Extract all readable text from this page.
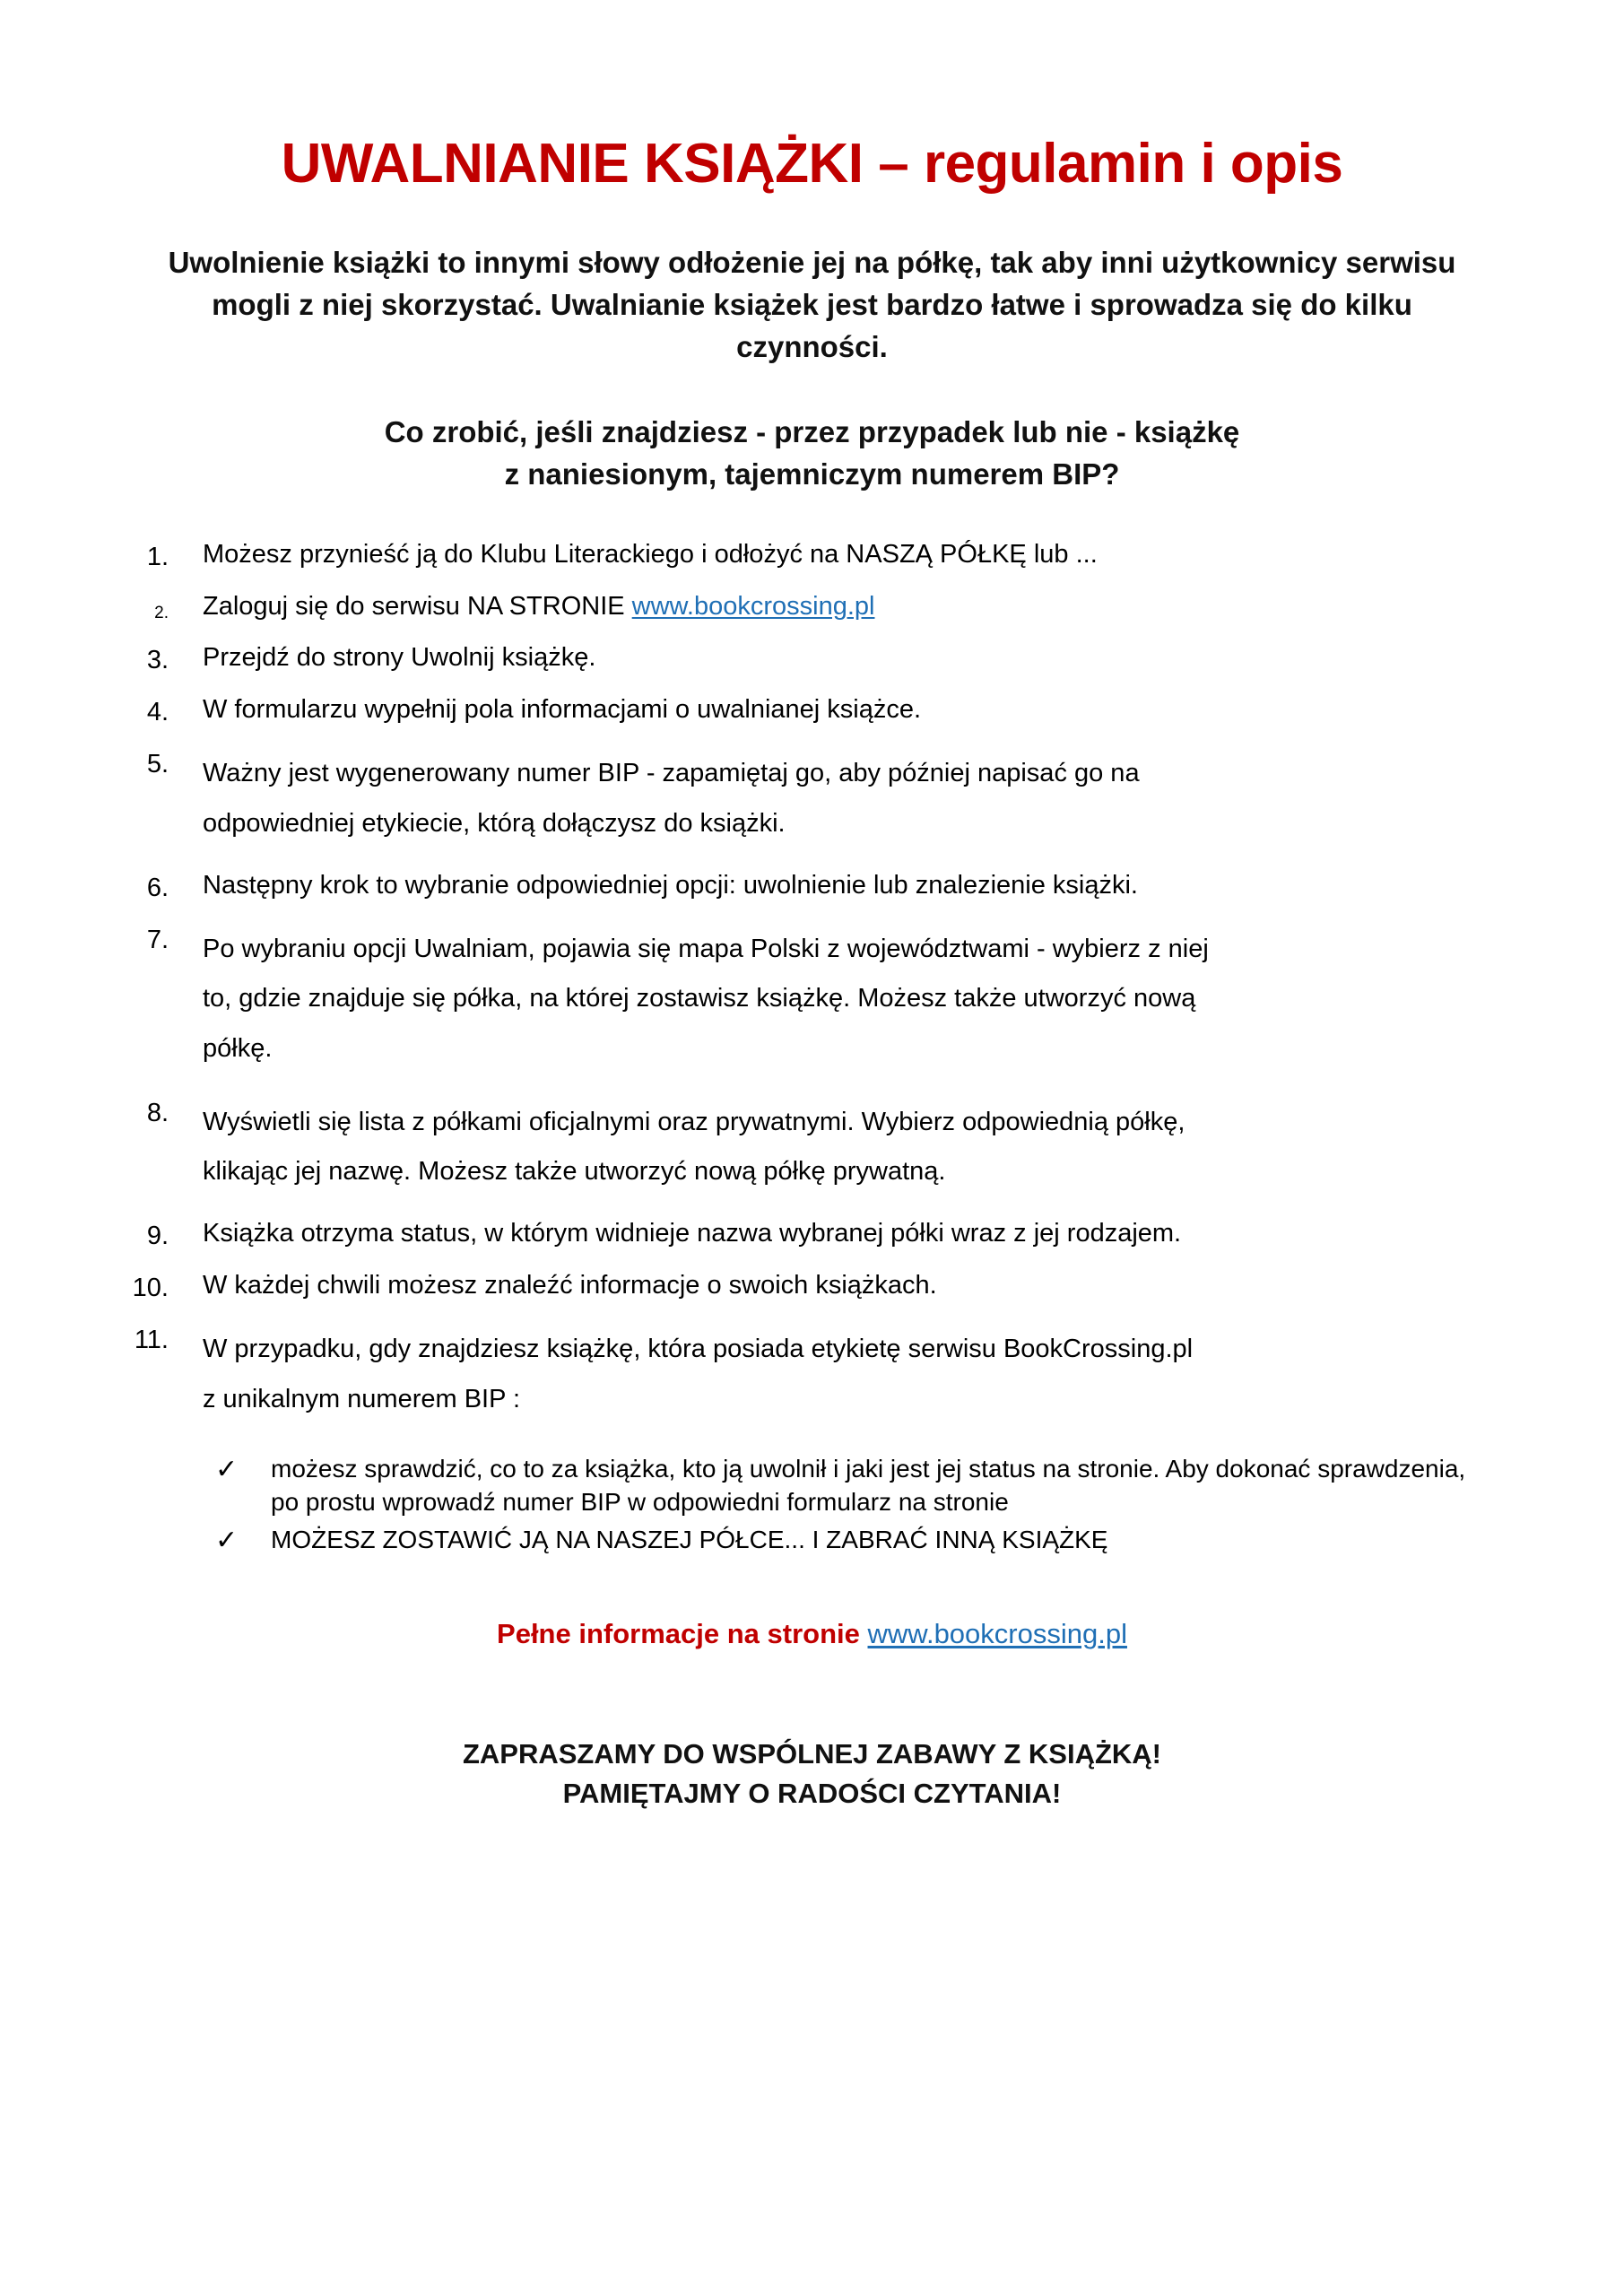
UWALNIANIE KSIĄŻKI – regulamin i opis

Uwolnienie książki to innymi słowy odłożenie jej na półkę, tak aby inni użytkownicy serwisu mogli z niej skorzystać. Uwalnianie książek jest bardzo łatwe i sprowadza się do kilku czynności.

Co zrobić, jeśli znajdziesz - przez przypadek lub nie - książkę
z naniesionym, tajemniczym numerem BIP?
1.	Możesz przynieść ją do Klubu Literackiego i odłożyć na NASZĄ PÓŁKĘ lub ...
2.	Zaloguj się do serwisu NA STRONIE www.bookcrossing.pl
3.	Przejdź do strony Uwolnij książkę.
4.	W formularzu wypełnij pola informacjami o uwalnianej książce.
5.	Ważny jest wygenerowany numer BIP - zapamiętaj go, aby później napisać go na
odpowiedniej etykiecie, którą dołączysz do książki.
6.	Następny krok to wybranie odpowiedniej opcji: uwolnienie lub znalezienie książki.
7.	Po wybraniu opcji Uwalniam, pojawia się mapa Polski z województwami - wybierz z niej
to, gdzie znajduje się półka, na której zostawisz książkę. Możesz także utworzyć nową
półkę.
8.	Wyświetli się lista z półkami oficjalnymi oraz prywatnymi. Wybierz odpowiednią półkę,
klikając jej nazwę. Możesz także utworzyć nową półkę prywatną.
9.	Książka otrzyma status, w którym widnieje nazwa wybranej półki wraz z jej rodzajem.
10.	W każdej chwili możesz znaleźć informacje o swoich książkach.
11.	W przypadku, gdy znajdziesz książkę, która posiada etykietę serwisu BookCrossing.pl
z unikalnym numerem BIP :
✓	możesz sprawdzić, co to za książka, kto ją uwolnił i jaki jest jej status na stronie. Aby dokonać sprawdzenia, po prostu wprowadź numer BIP w odpowiedni formularz na stronie
✓	MOŻESZ ZOSTAWIĆ JĄ NA NASZEJ PÓŁCE... I ZABRAĆ INNĄ KSIĄŻKĘ

Pełne informacje na stronie www.bookcrossing.pl

ZAPRASZAMY DO WSPÓLNEJ ZABAWY Z KSIĄŻKĄ!
PAMIĘTAJMY O RADOŚCI CZYTANIA!
